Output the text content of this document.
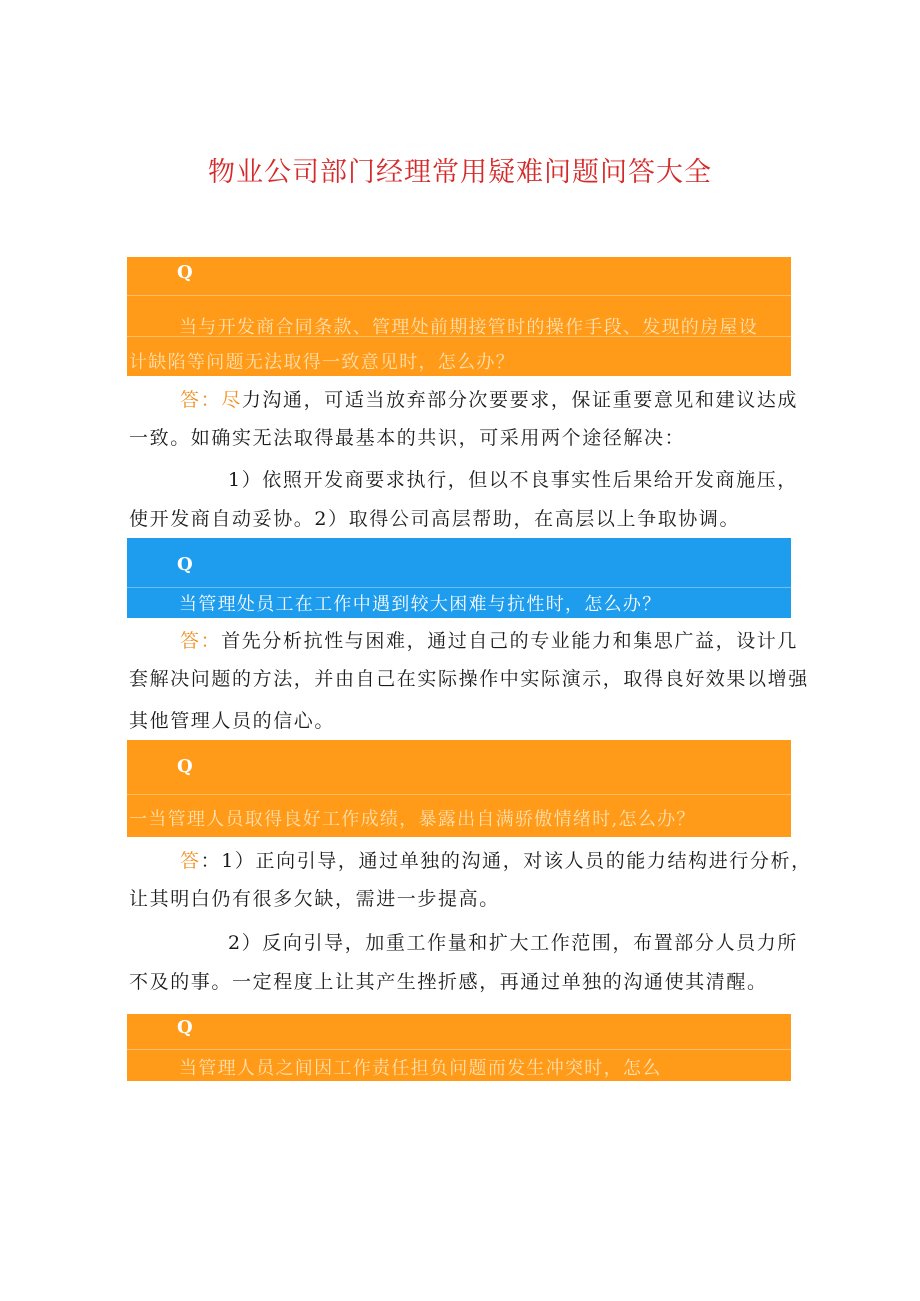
物业公司部门经理常用疑难问题问答大全
Q
当与开发商合同条款、管理处前期接管时的操作手段、发现的房屋设
计缺陷等问题无法取得一致意见时，怎么办？

答：尽力沟通，可适当放弃部分次要要求，保证重要意见和建议达成

一致。如确实无法取得最基本的共识，可采用两个途径解决：

1）依照开发商要求执行，但以不良事实性后果给开发商施压，

使开发商自动妥协。2）取得公司高层帮助，在高层以上争取协调。

Q
当管理处员工在工作中遇到较大困难与抗性时，怎么办？

答：首先分析抗性与困难，通过自己的专业能力和集思广益，设计几

套解决问题的方法，并由自己在实际操作中实际演示，取得良好效果以增强

其他管理人员的信心。

Q
一当管理人员取得良好工作成绩，暴露出自满骄傲情绪时,怎么办？

答：1）正向引导，通过单独的沟通，对该人员的能力结构进行分析，

让其明白仍有很多欠缺，需进一步提高。

2）反向引导，加重工作量和扩大工作范围，布置部分人员力所

不及的事。一定程度上让其产生挫折感，再通过单独的沟通使其清醒。

Q
当管理人员之间因工作责任担负问题而发生冲突时，怎么
